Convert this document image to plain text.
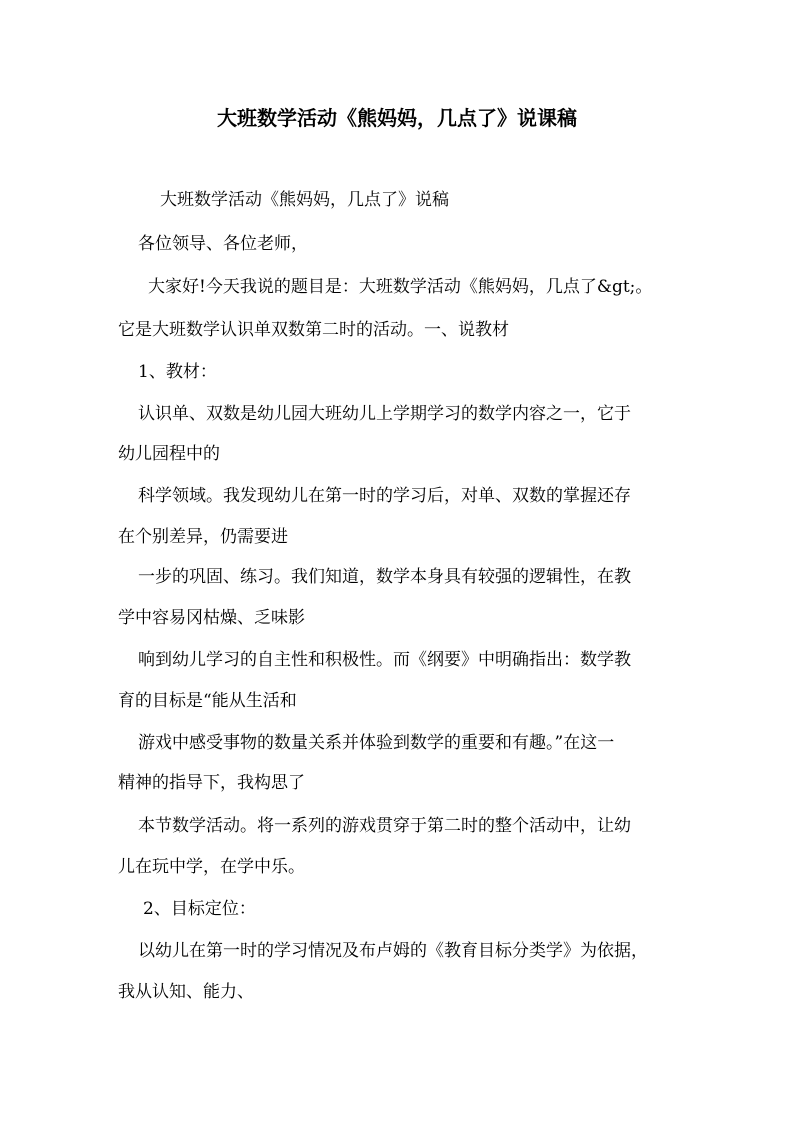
大班数学活动《熊妈妈，几点了》说课稿
大班数学活动《熊妈妈，几点了》说稿
各位领导、各位老师，
大家好!今天我说的题目是：大班数学活动《熊妈妈，几点了&gt;。
它是大班数学认识单双数第二时的活动。一、说教材
1、教材：
认识单、双数是幼儿园大班幼儿上学期学习的数学内容之一，它于
幼儿园程中的
科学领域。我发现幼儿在第一时的学习后，对单、双数的掌握还存
在个别差异，仍需要进
一步的巩固、练习。我们知道，数学本身具有较强的逻辑性，在教
学中容易冈枯燥、乏味影
响到幼儿学习的自主性和积极性。而《纲要》中明确指出：数学教
育的目标是“能从生活和
游戏中感受事物的数量关系并体验到数学的重要和有趣。”在这一
精神的指导下，我构思了
本节数学活动。将一系列的游戏贯穿于第二时的整个活动中，让幼
儿在玩中学，在学中乐。
2、目标定位：
以幼儿在第一时的学习情况及布卢姆的《教育目标分类学》为依据，
我从认知、能力、
